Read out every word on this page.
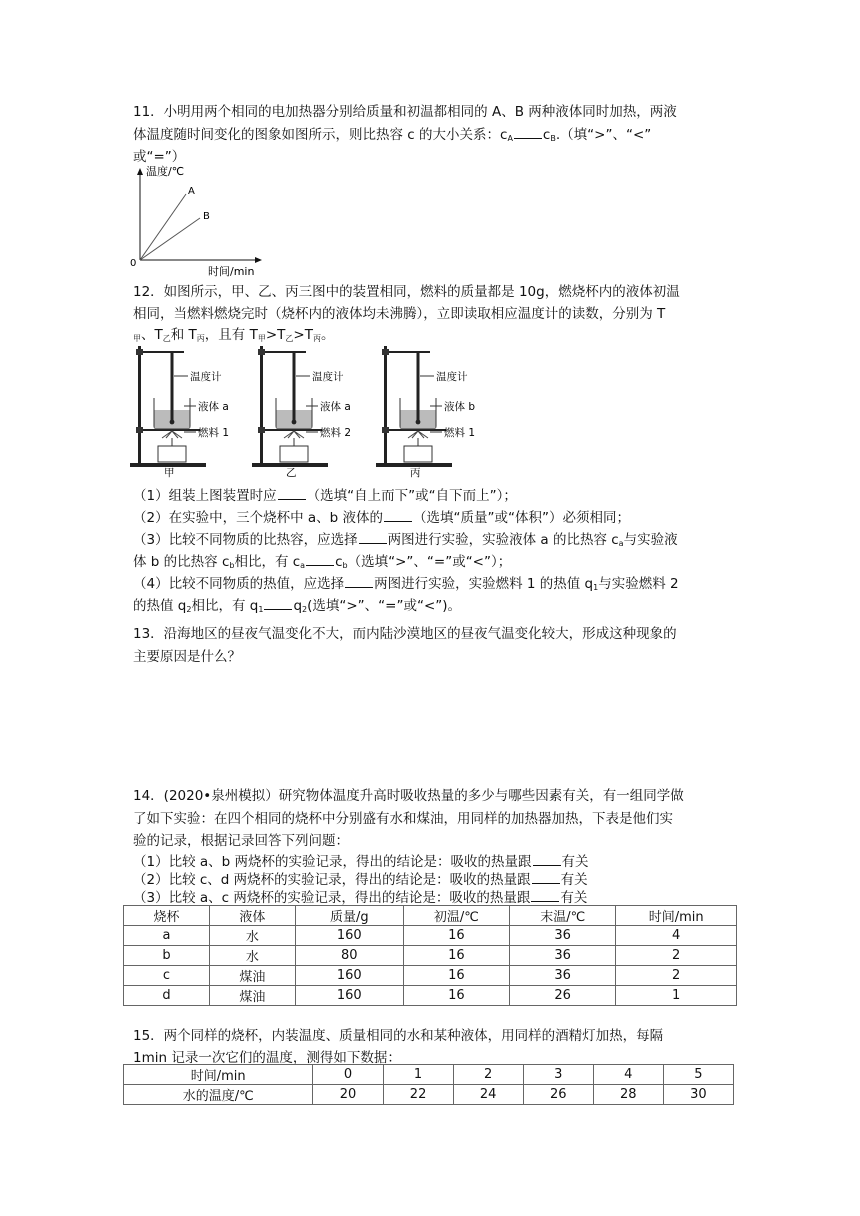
11．小明用两个相同的电加热器分别给质量和初温都相同的 A、B 两种液体同时加热，两液
体温度随时间变化的图象如图所示，则比热容 c 的大小关系：$c_A$ $c_B$.（填“>”、“<”
或“=”）
温度/℃
时间/min
0
A
B
12．如图所示，甲、乙、丙三图中的装置相同，燃料的质量都是 10g，燃烧杯内的液体初温
相同，当燃料燃烧完时（烧杯内的液体均未沸腾），立即读取相应温度计的读数，分别为 T
$_甲$、$T_乙$和 $T_丙$，且有 $T_甲>T_乙>T_丙$。
温度计
液体 a
燃料 1
甲
温度计
液体 a
燃料 2
乙
温度计
液体 b
燃料 1
丙
（1）组装上图装置时应 （选填“自上而下”或“自下而上”）；
（2）在实验中，三个烧杯中 a、b 液体的 （选填“质量”或“体积”）必须相同；
（3）比较不同物质的比热容，应选择 两图进行实验，实验液体 a 的比热容 $c_a$与实验液
体 b 的比热容 $c_b$相比，有 $c_a$ $c_b$（选填“>”、“=”或“<”）；
（4）比较不同物质的热值，应选择 两图进行实验，实验燃料 1 的热值 $q_1$与实验燃料 2
的热值 $q_2$相比，有 $q_1$ $q_2$(选填“>”、“=”或“<”)。
13．沿海地区的昼夜气温变化不大，而内陆沙漠地区的昼夜气温变化较大，形成这种现象的
主要原因是什么？
14．(2020•泉州模拟）研究物体温度升高时吸收热量的多少与哪些因素有关，有一组同学做
了如下实验：在四个相同的烧杯中分别盛有水和煤油，用同样的加热器加热，下表是他们实
验的记录，根据记录回答下列问题：
（1）比较 a、b 两烧杯的实验记录，得出的结论是：吸收的热量跟 有关
（2）比较 c、d 两烧杯的实验记录，得出的结论是：吸收的热量跟 有关
（3）比较 a、c 两烧杯的实验记录，得出的结论是：吸收的热量跟 有关
烧杯	液体	质量/g	初温/℃	末温/℃	时间/min
a	水	160	16	36	4
b	水	80	16	36	2
c	煤油	160	16	36	2
d	煤油	160	16	26	1
15．两个同样的烧杯，内装温度、质量相同的水和某种液体，用同样的酒精灯加热，每隔
1min 记录一次它们的温度，测得如下数据：
时间/min	0	1	2	3	4	5
水的温度/℃	20	22	24	26	28	30
